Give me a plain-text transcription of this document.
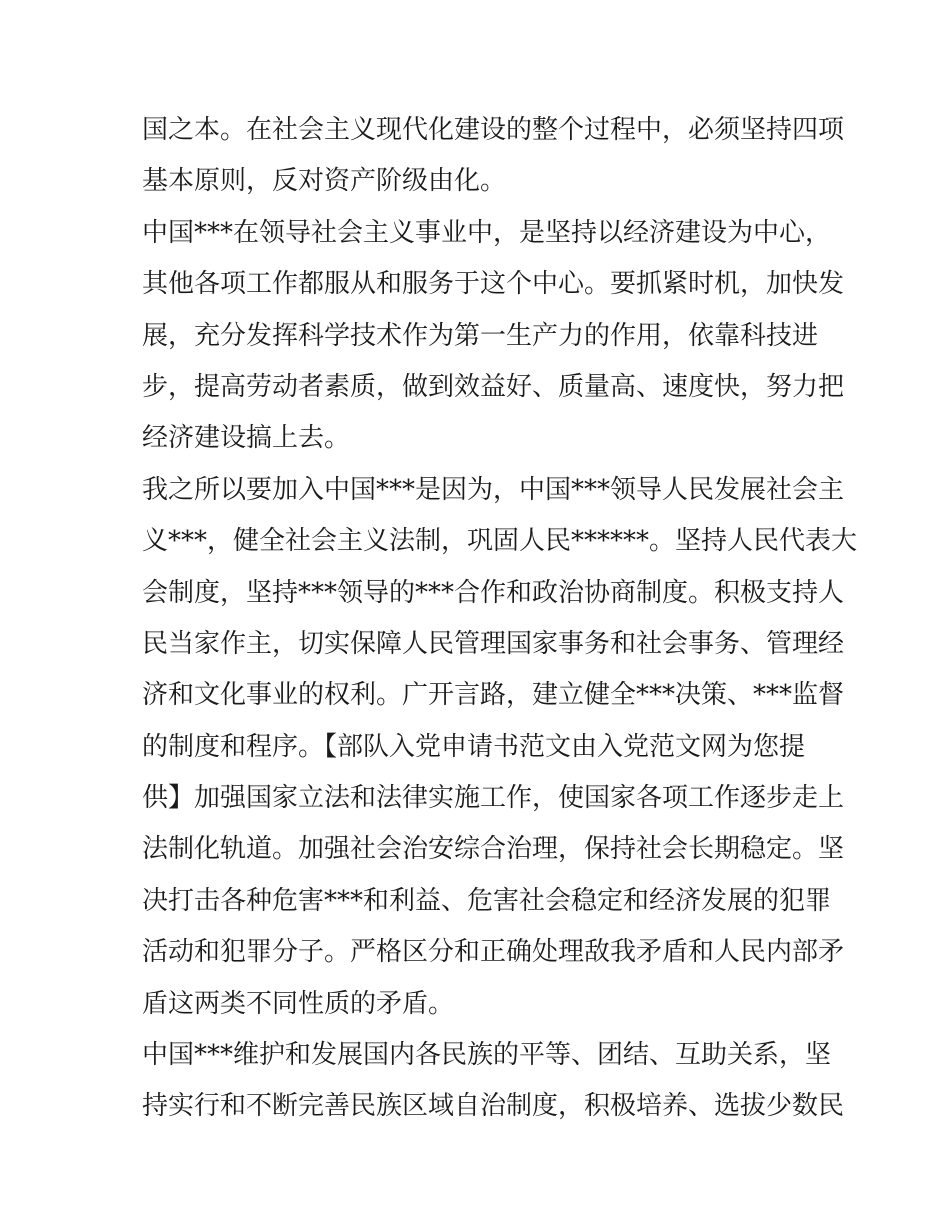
国之本。在社会主义现代化建设的整个过程中，必须坚持四项
基本原则，反对资产阶级由化。
中国***在领导社会主义事业中，是坚持以经济建设为中心，
其他各项工作都服从和服务于这个中心。要抓紧时机，加快发
展，充分发挥科学技术作为第一生产力的作用，依靠科技进
步，提高劳动者素质，做到效益好、质量高、速度快，努力把
经济建设搞上去。
我之所以要加入中国***是因为，中国***领导人民发展社会主
义***，健全社会主义法制，巩固人民******。坚持人民代表大
会制度，坚持***领导的***合作和政治协商制度。积极支持人
民当家作主，切实保障人民管理国家事务和社会事务、管理经
济和文化事业的权利。广开言路，建立健全***决策、***监督
的制度和程序。【部队入党申请书范文由入党范文网为您提
供】加强国家立法和法律实施工作，使国家各项工作逐步走上
法制化轨道。加强社会治安综合治理，保持社会长期稳定。坚
决打击各种危害***和利益、危害社会稳定和经济发展的犯罪
活动和犯罪分子。严格区分和正确处理敌我矛盾和人民内部矛
盾这两类不同性质的矛盾。
中国***维护和发展国内各民族的平等、团结、互助关系，坚
持实行和不断完善民族区域自治制度，积极培养、选拔少数民
